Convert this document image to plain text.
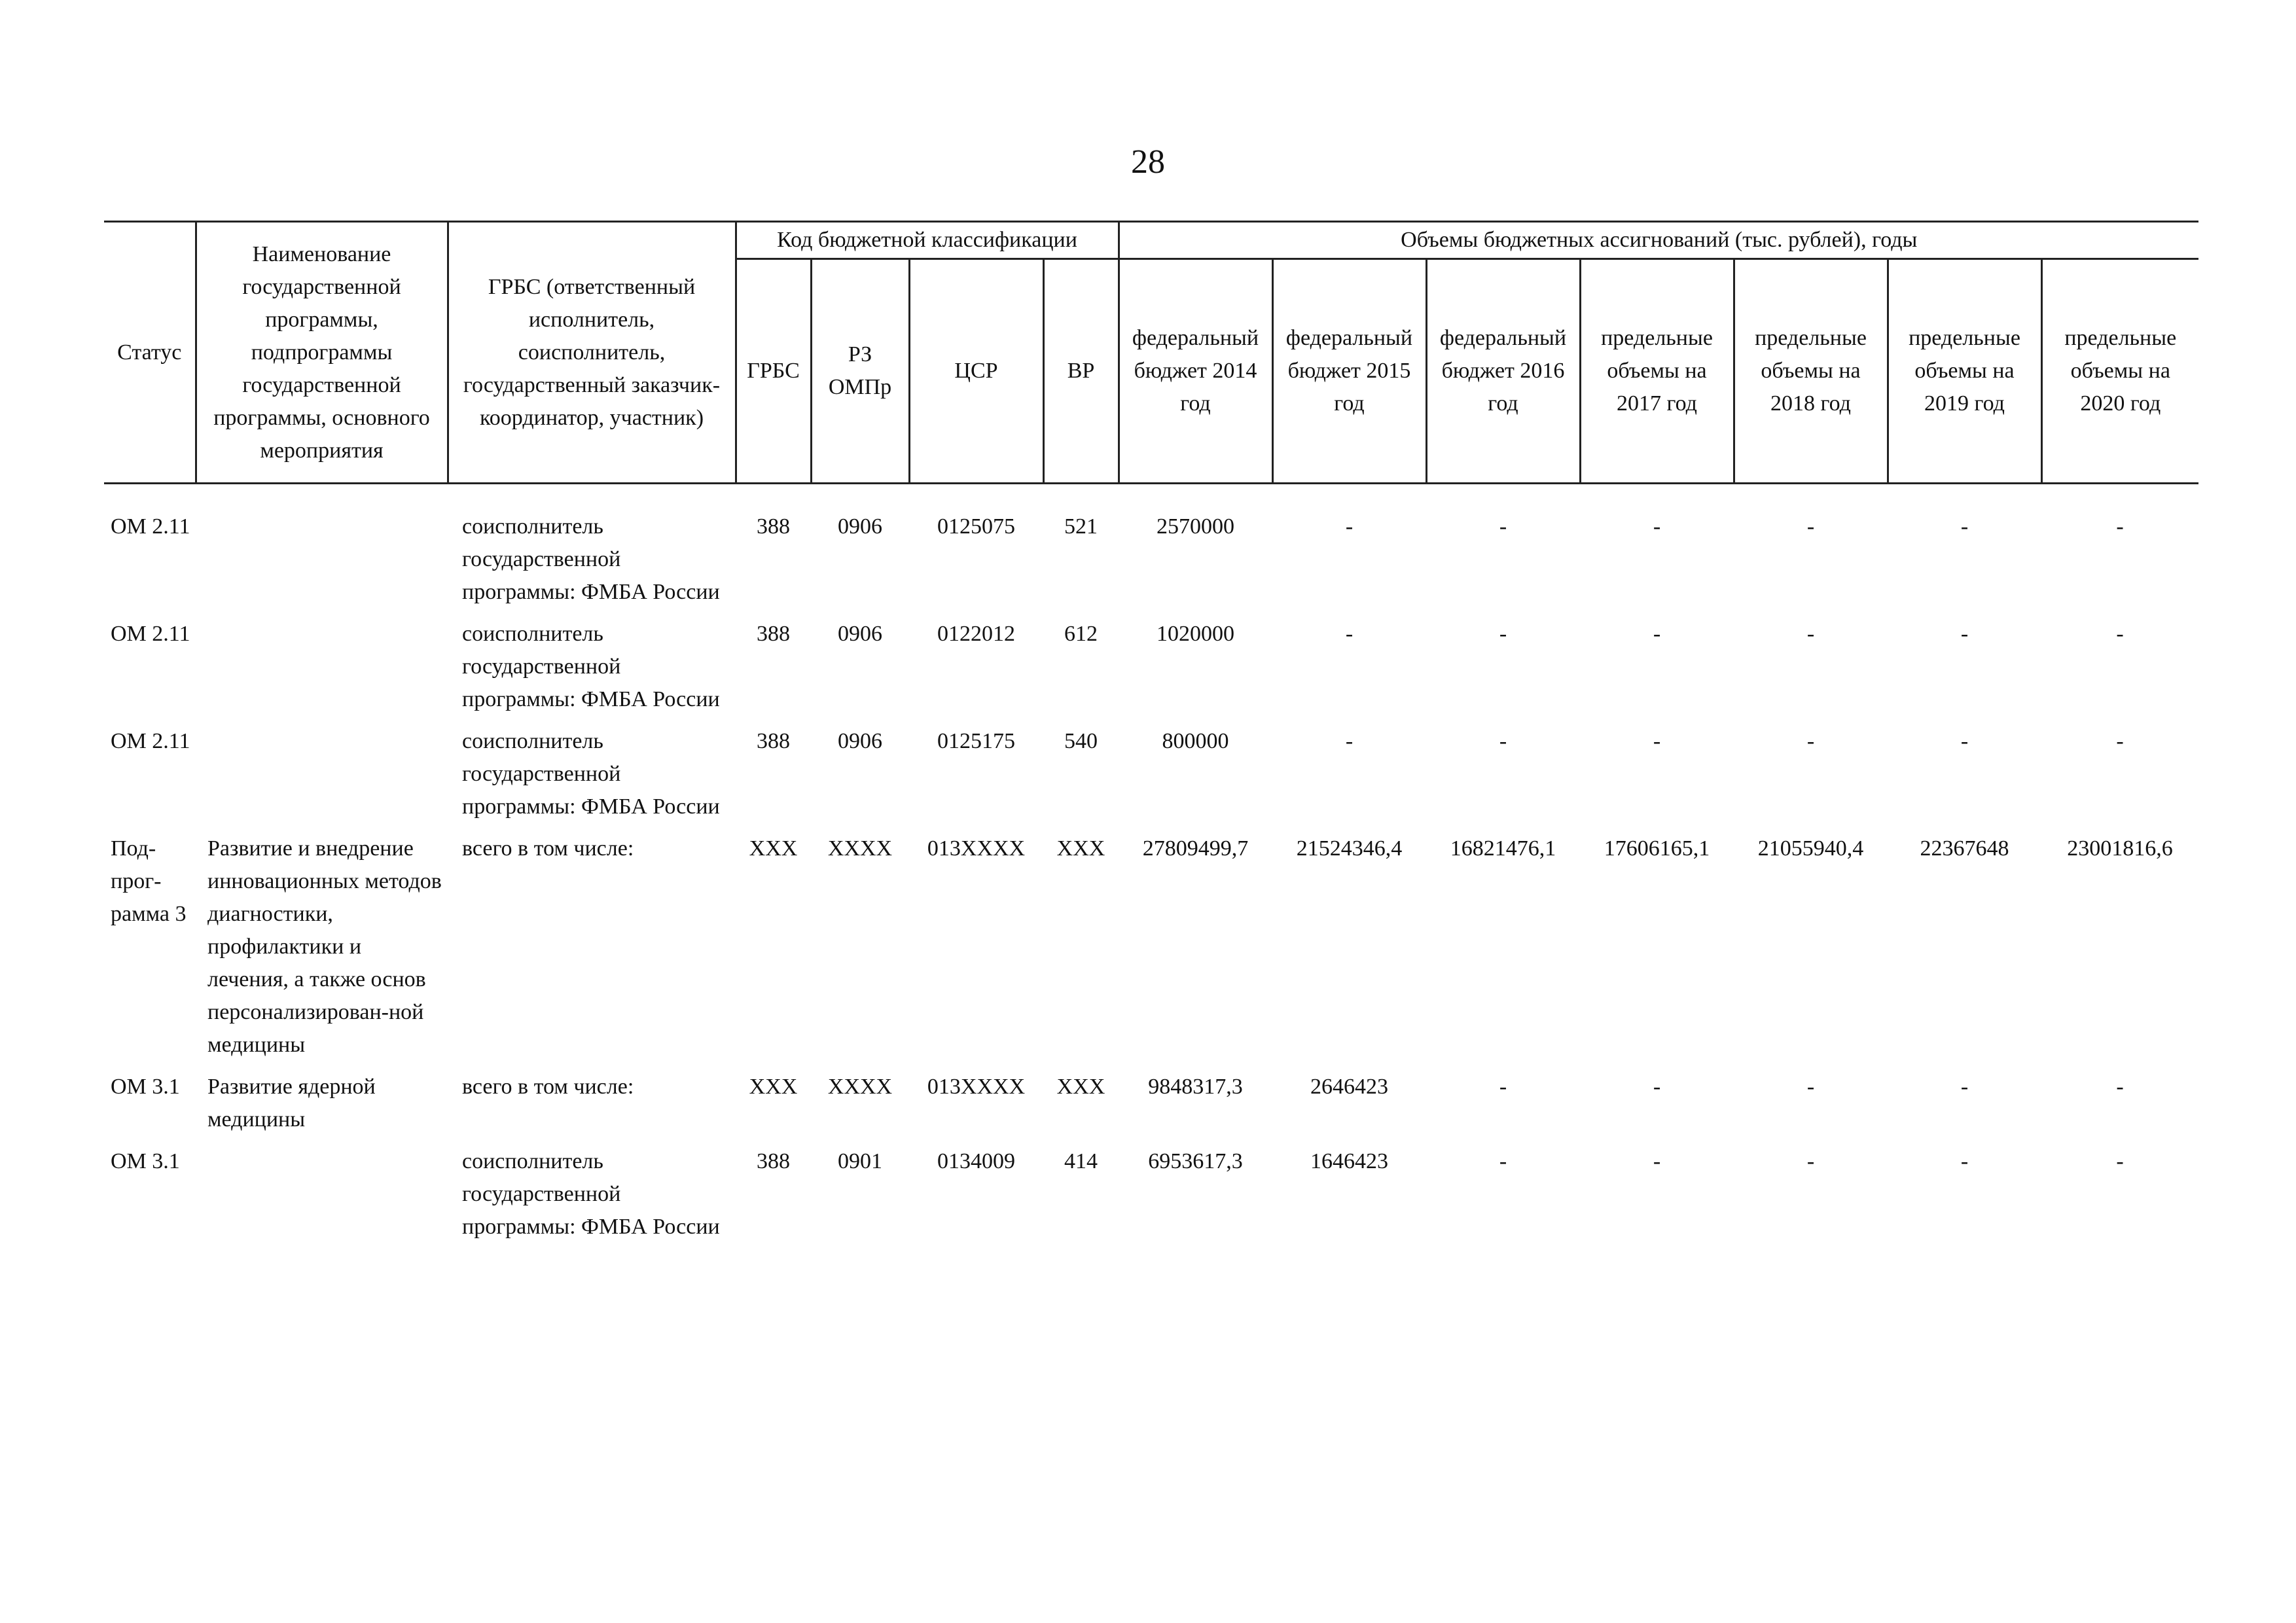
28
Статус	Наименование государственной программы, подпрограммы государственной программы, основного мероприятия	ГРБС (ответственный исполнитель, соисполнитель, государственный заказчик-координатор, участник)	Код бюджетной классификации				Объемы бюджетных ассигнований (тыс. рублей), годы						
			ГРБС	РЗ ОМПр	ЦСР	ВР	федеральный бюджет 2014 год	федеральный бюджет 2015 год	федеральный бюджет 2016 год	предельные объемы на 2017 год	предельные объемы на 2018 год	предельные объемы на 2019 год	предельные объемы на 2020 год

ОМ 2.11		соисполнитель государственной программы: ФМБА России	388	0906	0125075	521	2570000	-	-	-	-	-	-
ОМ 2.11		соисполнитель государственной программы: ФМБА России	388	0906	0122012	612	1020000	-	-	-	-	-	-
ОМ 2.11		соисполнитель государственной программы: ФМБА России	388	0906	0125175	540	800000	-	-	-	-	-	-
Под-прог-рамма 3	Развитие и внедрение инновационных методов диагностики, профилактики и лечения, а также основ персонализирован-ной медицины	всего в том числе:	XXX	XXXX	013XXXX	XXX	27809499,7	21524346,4	16821476,1	17606165,1	21055940,4	22367648	23001816,6
ОМ 3.1	Развитие ядерной медицины	всего в том числе:	XXX	XXXX	013XXXX	XXX	9848317,3	2646423	-	-	-	-	-
ОМ 3.1		соисполнитель государственной программы: ФМБА России	388	0901	0134009	414	6953617,3	1646423	-	-	-	-	-
